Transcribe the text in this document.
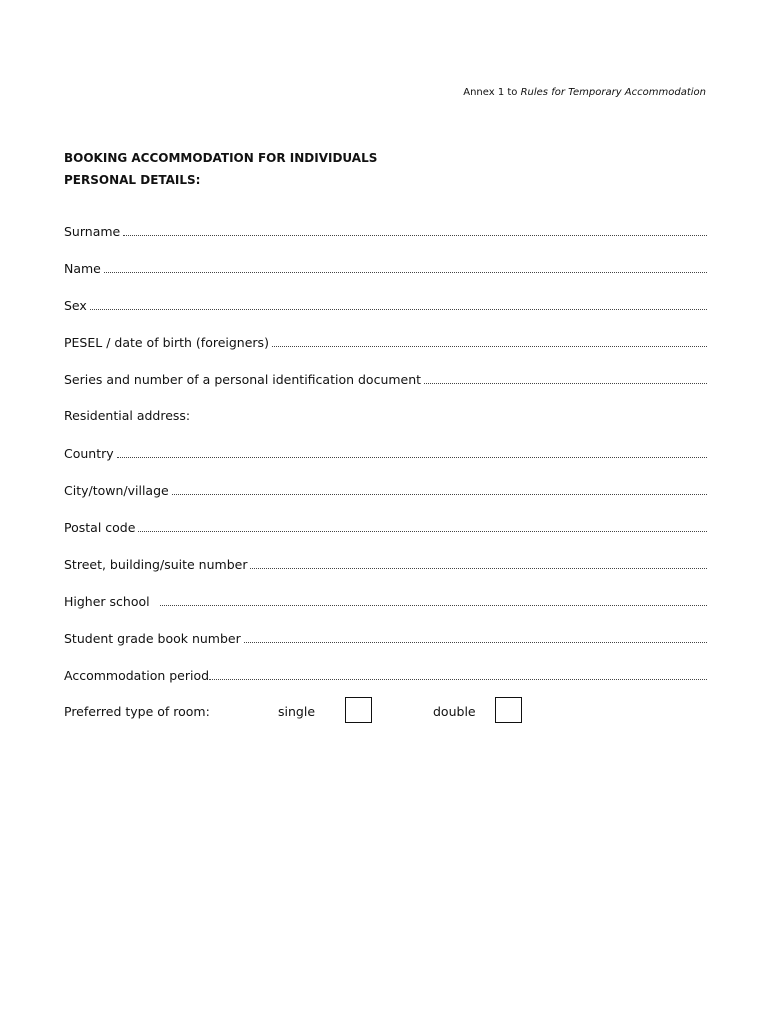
Annex 1 to Rules for Temporary Accommodation
BOOKING ACCOMMODATION FOR INDIVIDUALS
PERSONAL DETAILS:
Surname
Name
Sex
PESEL / date of birth (foreigners)
Series and number of a personal identification document
Residential address:
Country
City/town/village
Postal code
Street, building/suite number
Higher school
Student grade book number
Accommodation period
Preferred type of room:	single	double
